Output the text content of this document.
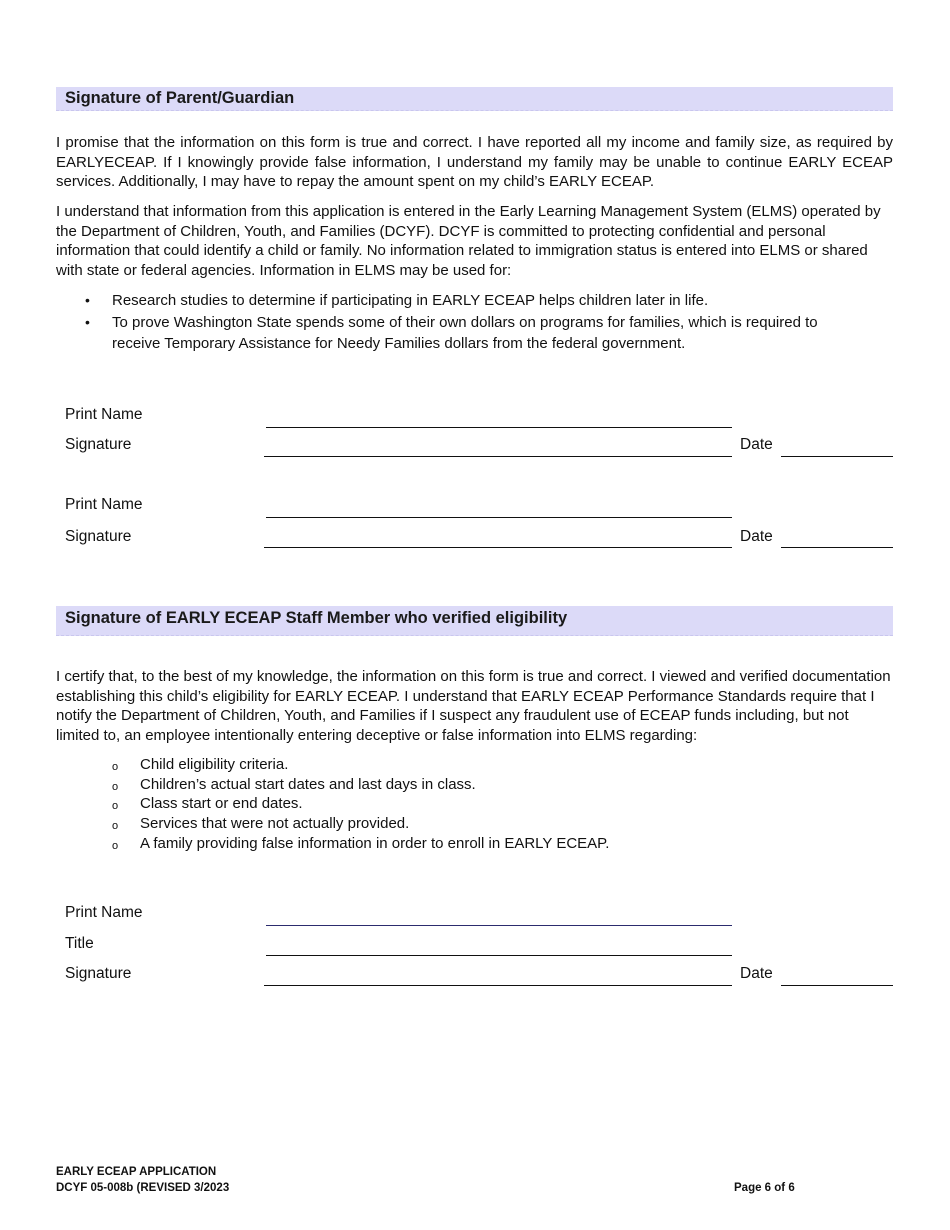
Signature of Parent/Guardian

I promise that the information on this form is true and correct. I have reported all my income and family size, as required by EARLYECEAP. If I knowingly provide false information, I understand my family may be unable to continue EARLY ECEAP services. Additionally, I may have to repay the amount spent on my child’s EARLY ECEAP.

I understand that information from this application is entered in the Early Learning Management System (ELMS) operated by the Department of Children, Youth, and Families (DCYF). DCYF is committed to protecting confidential and personal information that could identify a child or family. No information related to immigration status is entered into ELMS or shared with state or federal agencies. Information in ELMS may be used for:

• Research studies to determine if participating in EARLY ECEAP helps children later in life.
• To prove Washington State spends some of their own dollars on programs for families, which is required to receive Temporary Assistance for Needy Families dollars from the federal government.
Print Name
Signature	Date
Print Name
Signature	Date
Signature of EARLY ECEAP Staff Member who verified eligibility

I certify that, to the best of my knowledge, the information on this form is true and correct. I viewed and verified documentation establishing this child’s eligibility for EARLY ECEAP. I understand that EARLY ECEAP Performance Standards require that I notify the Department of Children, Youth, and Families if I suspect any fraudulent use of ECEAP funds including, but not limited to, an employee intentionally entering deceptive or false information into ELMS regarding:

o Child eligibility criteria.
o Children’s actual start dates and last days in class.
o Class start or end dates.
o Services that were not actually provided.
o A family providing false information in order to enroll in EARLY ECEAP.
Print Name
Title
Signature	Date
EARLY ECEAP APPLICATION
DCYF 05-008b (REVISED 3/2023	Page 6 of 6
